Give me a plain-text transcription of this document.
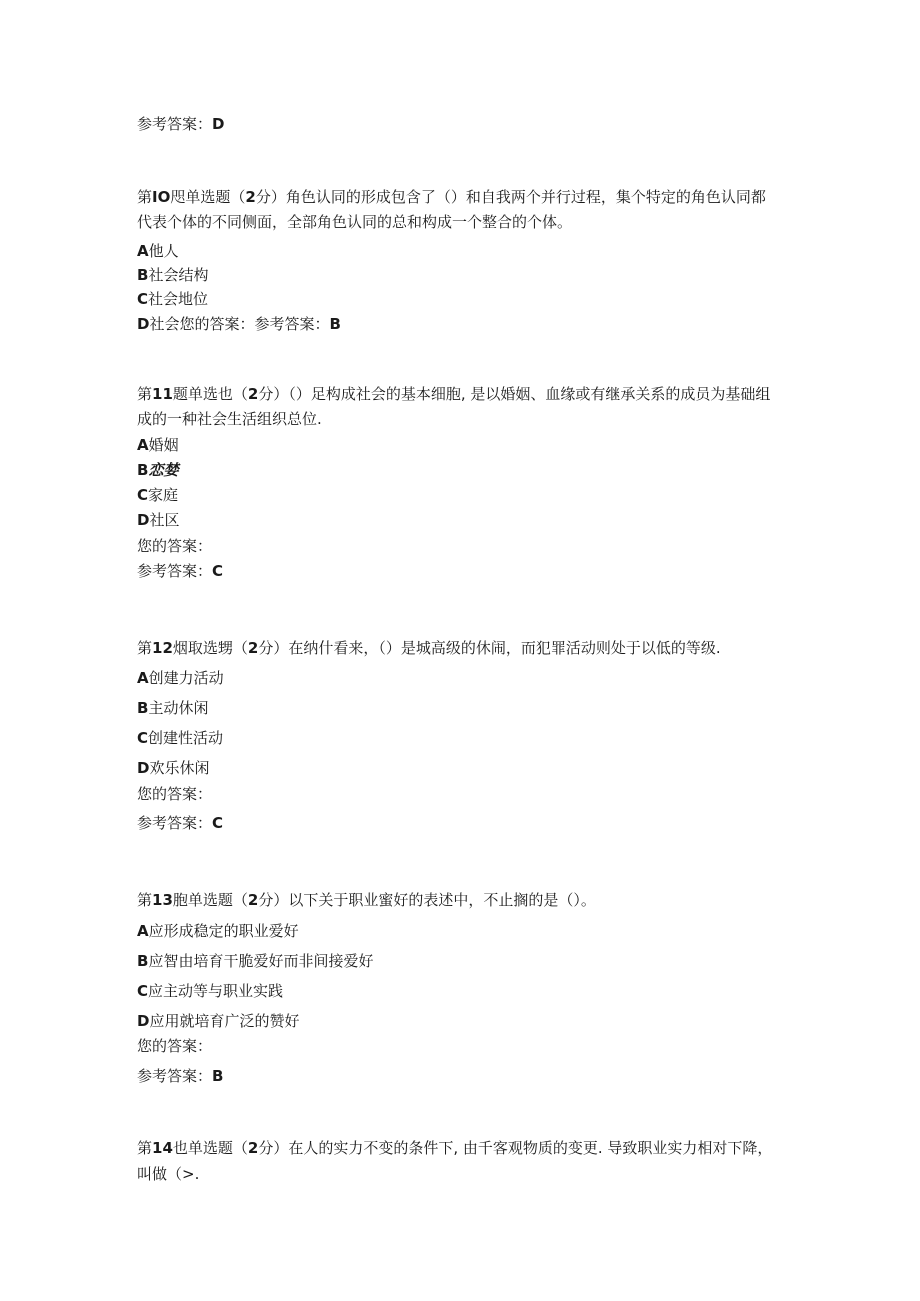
参考答案：D
第IO咫单选题（2分）角色认同的形成包含了（）和自我两个并行过程，集个特定的角色认同都
代表个体的不同侧面，全部角色认同的总和构成一个整合的个体。
A他人
B社会结构
C社会地位
D社会您的答案：参考答案：B
第11题单选也（2分）（）足构成社会的基本细胞, 是以婚姻、血缘或有继承关系的成员为基础组
成的一种社会生活组织总位.
A婚姻
B恋婪
C家庭
D社区
您的答案：
参考答案：C
第12烟取选甥（2分）在纳什看来，（）是城高级的休闹，而犯罪活动则处于以低的等级.
A创建力活动
B主动休闲
C创建性活动
D欢乐休闲
您的答案：
参考答案：C
第13胞单选题（2分）以下关于职业蜜好的表述中，不止搁的是（）。
A应形成稳定的职业爱好
B应智由培育干脆爱好而非间接爱好
C应主动等与职业实践
D应用就培育广泛的赞好
您的答案：
参考答案：B
第14也单选题（2分）在人的实力不变的条件下, 由千客观物质的变更. 导致职业实力相对下降，
叫做（>.
